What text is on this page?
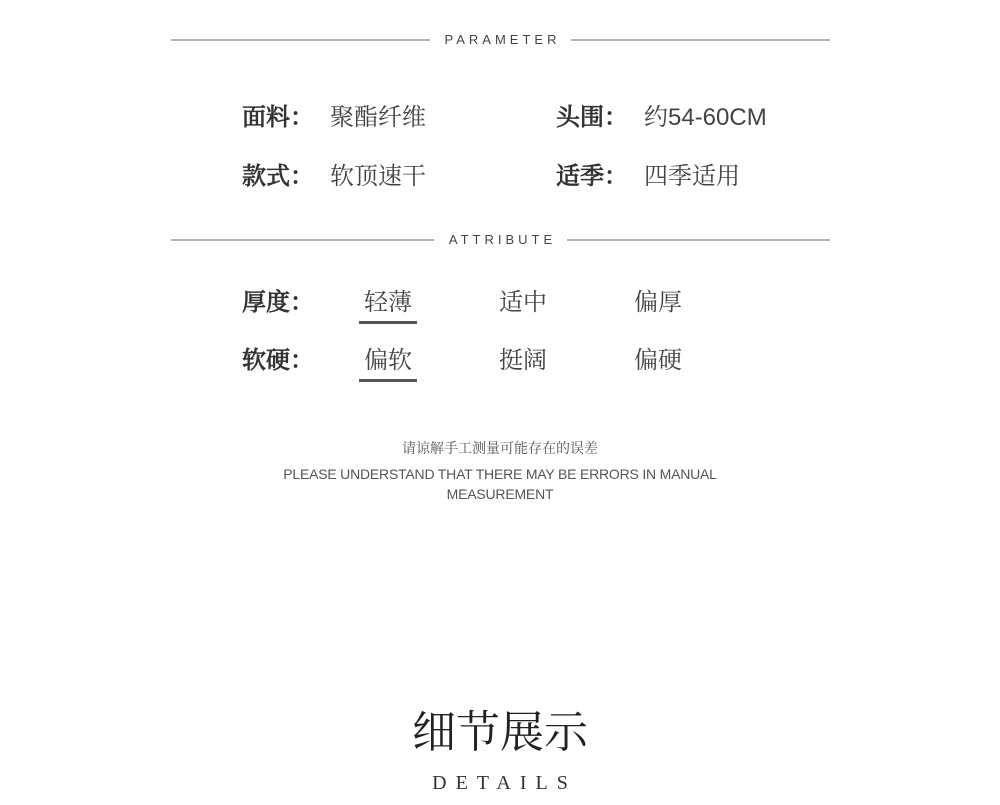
PARAMETER
面料： 聚酯纤维	头围： 约54-60CM
款式： 软顶速干	适季： 四季适用
ATTRIBUTE
厚度：	轻薄	适中	偏厚
软硬：	偏软	挺阔	偏硬
请谅解手工测量可能存在的误差
PLEASE UNDERSTAND THAT THERE MAY BE ERRORS IN MANUAL
MEASUREMENT
细节展示
DETAILS
